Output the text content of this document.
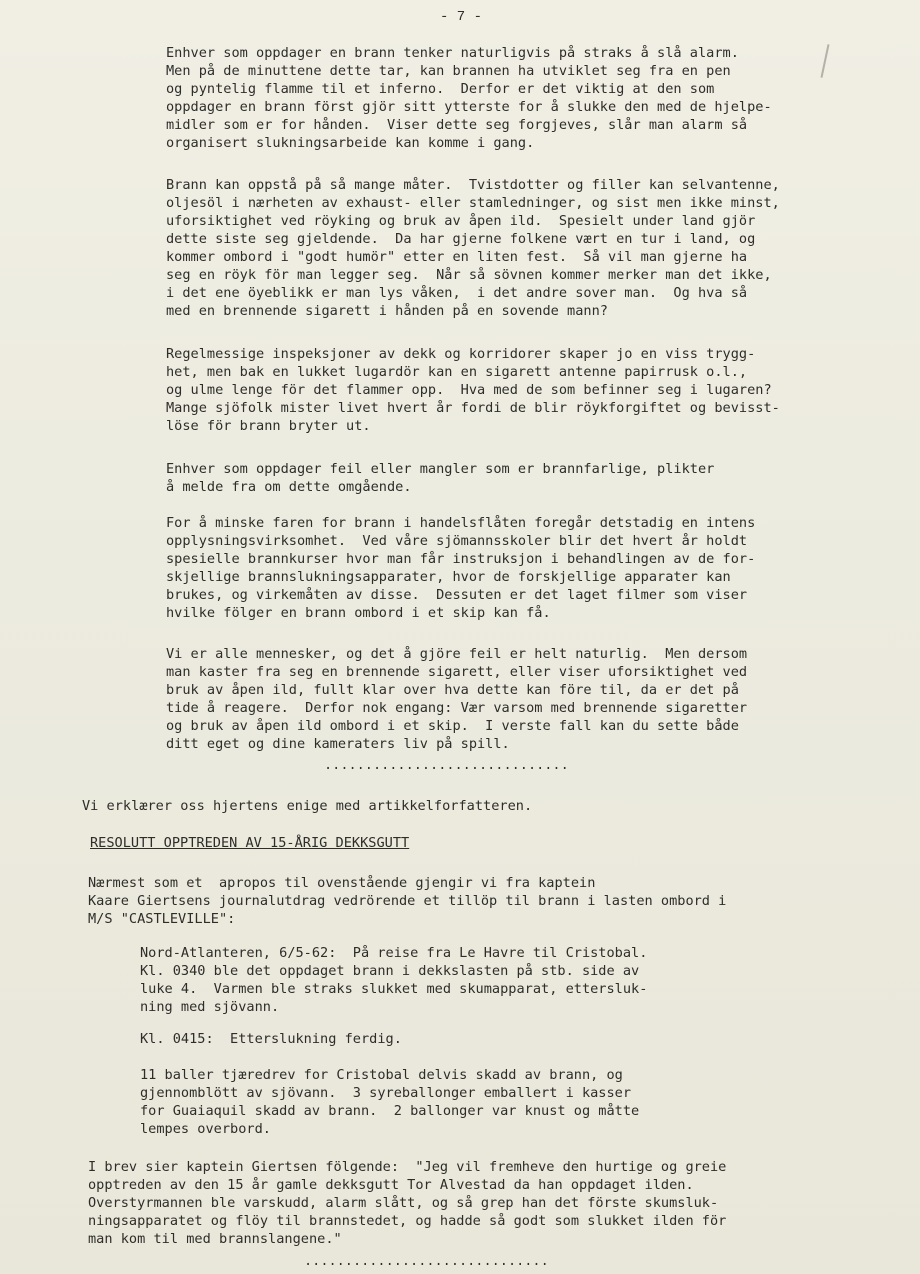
- 7 -
Enhver som oppdager en brann tenker naturligvis på straks å slå alarm.
Men på de minuttene dette tar, kan brannen ha utviklet seg fra en pen
og pyntelig flamme til et inferno.  Derfor er det viktig at den som
oppdager en brann först gjör sitt ytterste for å slukke den med de hjelpe-
midler som er for hånden.  Viser dette seg forgjeves, slår man alarm så
organisert slukningsarbeide kan komme i gang.
Brann kan oppstå på så mange måter.  Tvistdotter og filler kan selvantenne,
oljesöl i nærheten av exhaust- eller stamledninger, og sist men ikke minst,
uforsiktighet ved röyking og bruk av åpen ild.  Spesielt under land gjör
dette siste seg gjeldende.  Da har gjerne folkene vært en tur i land, og
kommer ombord i "godt humör" etter en liten fest.  Så vil man gjerne ha
seg en röyk för man legger seg.  Når så sövnen kommer merker man det ikke,
i det ene öyeblikk er man lys våken,  i det andre sover man.  Og hva så
med en brennende sigarett i hånden på en sovende mann?
Regelmessige inspeksjoner av dekk og korridorer skaper jo en viss trygg-
het, men bak en lukket lugardör kan en sigarett antenne papirrusk o.l.,
og ulme lenge för det flammer opp.  Hva med de som befinner seg i lugaren?
Mange sjöfolk mister livet hvert år fordi de blir röykforgiftet og bevisst-
löse för brann bryter ut.
Enhver som oppdager feil eller mangler som er brannfarlige, plikter
å melde fra om dette omgående.
For å minske faren for brann i handelsflåten foregår detstadig en intens
opplysningsvirksomhet.  Ved våre sjömannsskoler blir det hvert år holdt
spesielle brannkurser hvor man får instruksjon i behandlingen av de for-
skjellige brannslukningsapparater, hvor de forskjellige apparater kan
brukes, og virkemåten av disse.  Dessuten er det laget filmer som viser
hvilke fölger en brann ombord i et skip kan få.
Vi er alle mennesker, og det å gjöre feil er helt naturlig.  Men dersom
man kaster fra seg en brennende sigarett, eller viser uforsiktighet ved
bruk av åpen ild, fullt klar over hva dette kan före til, da er det på
tide å reagere.  Derfor nok engang: Vær varsom med brennende sigaretter
og bruk av åpen ild ombord i et skip.  I verste fall kan du sette både
ditt eget og dine kameraters liv på spill.
..............................
Vi erklærer oss hjertens enige med artikkelforfatteren.
RESOLUTT OPPTREDEN AV 15-ÅRIG DEKKSGUTT
Nærmest som et  apropos til ovenstående gjengir vi fra kaptein
Kaare Giertsens journalutdrag vedrörende et tillöp til brann i lasten ombord i
M/S "CASTLEVILLE":
Nord-Atlanteren, 6/5-62:  På reise fra Le Havre til Cristobal.
Kl. 0340 ble det oppdaget brann i dekkslasten på stb. side av
luke 4.  Varmen ble straks slukket med skumapparat, ettersluk-
ning med sjövann.
Kl. 0415:  Etterslukning ferdig.
11 baller tjæredrev for Cristobal delvis skadd av brann, og
gjennomblött av sjövann.  3 syreballonger emballert i kasser
for Guaiaquil skadd av brann.  2 ballonger var knust og måtte
lempes overbord.
I brev sier kaptein Giertsen fölgende:  "Jeg vil fremheve den hurtige og greie
opptreden av den 15 år gamle dekksgutt Tor Alvestad da han oppdaget ilden.
Overstyrmannen ble varskudd, alarm slått, og så grep han det förste skumsluk-
ningsapparatet og flöy til brannstedet, og hadde så godt som slukket ilden för
man kom til med brannslangene."
..............................
